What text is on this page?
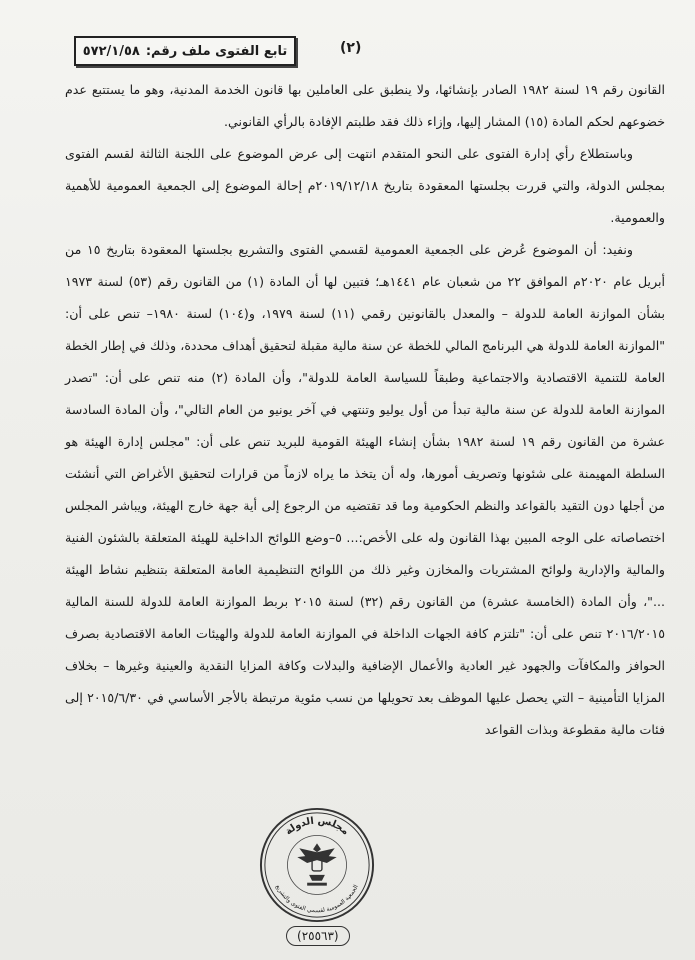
تابع الفتوى ملف رقم:
٥٧٢/١/٥٨	(٢)

القانون رقم ١٩ لسنة ١٩٨٢ الصادر بإنشائها، ولا ينطبق على العاملين بها قانون الخدمة المدنية، وهو ما يستتبع عدم خضوعهم لحكم المادة (١٥) المشار إليها، وإزاء ذلك فقد طلبتم الإفادة بالرأي القانوني.

وباستطلاع رأي إدارة الفتوى على النحو المتقدم انتهت إلى عرض الموضوع على اللجنة الثالثة لقسم الفتوى بمجلس الدولة، والتي قررت بجلستها المعقودة بتاريخ ٢٠١٩/١٢/١٨م إحالة الموضوع إلى الجمعية العمومية للأهمية والعمومية.

ونفيد: أن الموضوع عُرض على الجمعية العمومية لقسمي الفتوى والتشريع بجلستها المعقودة بتاريخ ١٥ من أبريل عام ٢٠٢٠م الموافق ٢٢ من شعبان عام ١٤٤١هـ؛ فتبين لها أن المادة (١) من القانون رقم (٥٣) لسنة ١٩٧٣ بشأن الموازنة العامة للدولة – والمعدل بالقانونين رقمي (١١) لسنة ١٩٧٩، و(١٠٤) لسنة ١٩٨٠– تنص على أن: "الموازنة العامة للدولة هي البرنامج المالي للخطة عن سنة مالية مقبلة لتحقيق أهداف محددة، وذلك في إطار الخطة العامة للتنمية الاقتصادية والاجتماعية وطبقاً للسياسة العامة للدولة"، وأن المادة (٢) منه تنص على أن: "تصدر الموازنة العامة للدولة عن سنة مالية تبدأ من أول يوليو وتنتهي في آخر يونيو من العام التالي"، وأن المادة السادسة عشرة من القانون رقم ١٩ لسنة ١٩٨٢ بشأن إنشاء الهيئة القومية للبريد تنص على أن: "مجلس إدارة الهيئة هو السلطة المهيمنة على شئونها وتصريف أمورها، وله أن يتخذ ما يراه لازماً من قرارات لتحقيق الأغراض التي أنشئت من أجلها دون التقيد بالقواعد والنظم الحكومية وما قد تقتضيه من الرجوع إلى أية جهة خارج الهيئة، ويباشر المجلس اختصاصاته على الوجه المبين بهذا القانون وله على الأخص:... ٥–وضع اللوائح الداخلية للهيئة المتعلقة بالشئون الفنية والمالية والإدارية ولوائح المشتريات والمخازن وغير ذلك من اللوائح التنظيمية العامة المتعلقة بتنظيم نشاط الهيئة ..."، وأن المادة (الخامسة عشرة) من القانون رقم (٣٢) لسنة ٢٠١٥ بربط الموازنة العامة للدولة للسنة المالية ٢٠١٦/٢٠١٥ تنص على أن: "تلتزم كافة الجهات الداخلة في الموازنة العامة للدولة والهيئات العامة الاقتصادية بصرف الحوافز والمكافآت والجهود غير العادية والأعمال الإضافية والبدلات وكافة المزايا النقدية والعينية وغيرها – بخلاف المزايا التأمينية – التي يحصل عليها الموظف بعد تحويلها من نسب مئوية مرتبطة بالأجر الأساسي في ٢٠١٥/٦/٣٠ إلى فئات مالية مقطوعة وبذات القواعد

مجلس الدولة
الجمعية العمومية لقسمي الفتوى والتشريع
(٢٥٥٦٣)
